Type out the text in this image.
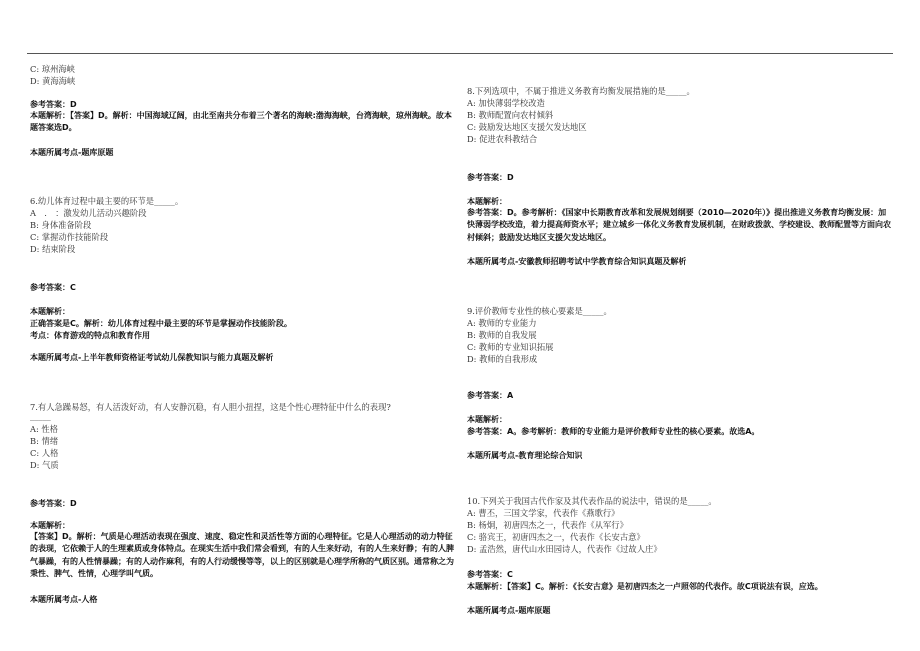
C: 琼州海峡
D: 黄海海峡
参考答案：D
本题解析：【答案】D。解析：中国海域辽阔，由北至南共分布着三个著名的海峡:渤海海峡，台湾海峡，琼州海峡。故本题答案选D。
本题所属考点-题库原题
6.幼儿体育过程中最主要的环节是_____。
A　.　：激发幼儿活动兴趣阶段
B: 身体准备阶段
C: 掌握动作技能阶段
D: 结束阶段
参考答案：C
本题解析：
正确答案是C。解析：幼儿体育过程中最主要的环节是掌握动作技能阶段。
考点：体育游戏的特点和教育作用
本题所属考点-上半年教师资格证考试幼儿保教知识与能力真题及解析
7.有人急躁易怒，有人活泼好动，有人安静沉稳，有人胆小扭捏，这是个性心理特征中什么的表现?
_____
A: 性格
B: 情绪
C: 人格
D: 气质
参考答案：D
本题解析：
【答案】D。解析：气质是心理活动表现在强度、速度、稳定性和灵活性等方面的心理特征。它是人心理活动的动力特征的表现，它依赖于人的生理素质或身体特点。在现实生活中我们常会看到，有的人生来好动，有的人生来好静；有的人脾气暴躁，有的人性情暴躁；有的人动作麻利，有的人行动缓慢等等，以上的区别就是心理学所称的气质区别。通常称之为秉性、脾气、性情，心理学叫气质。
本题所属考点-人格
8.下列选项中，不属于推进义务教育均衡发展措施的是_____。
A: 加快薄弱学校改造
B: 教师配置向农村倾斜
C: 鼓励发达地区支援欠发达地区
D: 促进农科教结合
参考答案：D
本题解析：
参考答案：D。参考解析：《国家中长期教育改革和发展规划纲要（2010—2020年）》提出推进义务教育均衡发展：加快薄弱学校改造，着力提高师资水平；建立城乡一体化义务教育发展机制，在财政拨款、学校建设、教师配置等方面向农村倾斜；鼓励发达地区支援欠发达地区。
本题所属考点-安徽教师招聘考试中学教育综合知识真题及解析
9.评价教师专业性的核心要素是_____。
A: 教师的专业能力
B: 教师的自我发展
C: 教师的专业知识拓展
D: 教师的自我形成
参考答案：A
本题解析：
参考答案：A。参考解析：教师的专业能力是评价教师专业性的核心要素。故选A。
本题所属考点-教育理论综合知识
10.下列关于我国古代作家及其代表作品的说法中，错误的是_____。
A: 曹丕，三国文学家，代表作《燕歌行》
B: 杨炯，初唐四杰之一，代表作《从军行》
C: 骆宾王，初唐四杰之一，代表作《长安古意》
D: 孟浩然，唐代山水田园诗人，代表作《过故人庄》
参考答案：C
本题解析：【答案】C。解析：《长安古意》是初唐四杰之一卢照邻的代表作。故C项说法有误，应选。
本题所属考点-题库原题
